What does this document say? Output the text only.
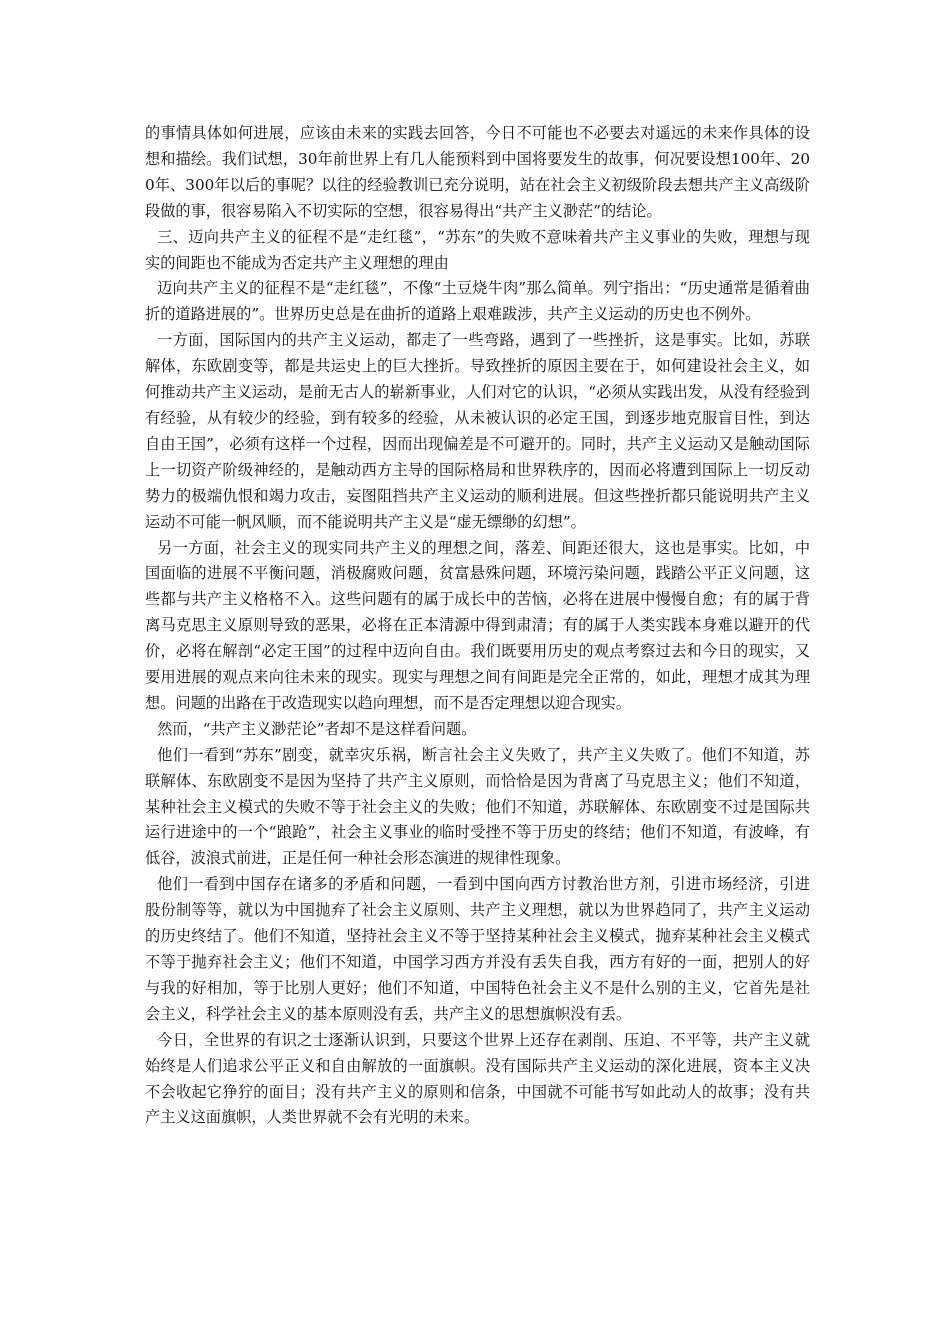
的事情具体如何进展，应该由未来的实践去回答，今日不可能也不必要去对遥远的未来作具体的设想和描绘。我们试想，30年前世界上有几人能预料到中国将要发生的故事，何况要设想100年、200年、300年以后的事呢？以往的经验教训已充分说明，站在社会主义初级阶段去想共产主义高级阶段做的事，很容易陷入不切实际的空想，很容易得出“共产主义渺茫”的结论。

三、迈向共产主义的征程不是“走红毯”，“苏东”的失败不意味着共产主义事业的失败，理想与现实的间距也不能成为否定共产主义理想的理由

迈向共产主义的征程不是“走红毯”，不像“土豆烧牛肉”那么简单。列宁指出：“历史通常是循着曲折的道路进展的”。世界历史总是在曲折的道路上艰难跋涉，共产主义运动的历史也不例外。

一方面，国际国内的共产主义运动，都走了一些弯路，遇到了一些挫折，这是事实。比如，苏联解体，东欧剧变等，都是共运史上的巨大挫折。导致挫折的原因主要在于，如何建设社会主义，如何推动共产主义运动，是前无古人的崭新事业，人们对它的认识，“必须从实践出发，从没有经验到有经验，从有较少的经验，到有较多的经验，从未被认识的必定王国，到逐步地克服盲目性，到达自由王国”，必须有这样一个过程，因而出现偏差是不可避开的。同时，共产主义运动又是触动国际上一切资产阶级神经的，是触动西方主导的国际格局和世界秩序的，因而必将遭到国际上一切反动势力的极端仇恨和竭力攻击，妄图阻挡共产主义运动的顺利进展。但这些挫折都只能说明共产主义运动不可能一帆风顺，而不能说明共产主义是“虚无缥缈的幻想”。

另一方面，社会主义的现实同共产主义的理想之间，落差、间距还很大，这也是事实。比如，中国面临的进展不平衡问题，消极腐败问题，贫富悬殊问题，环境污染问题，践踏公平正义问题，这些都与共产主义格格不入。这些问题有的属于成长中的苦恼，必将在进展中慢慢自愈；有的属于背离马克思主义原则导致的恶果，必将在正本清源中得到肃清；有的属于人类实践本身难以避开的代价，必将在解剖“必定王国”的过程中迈向自由。我们既要用历史的观点考察过去和今日的现实，又要用进展的观点来向往未来的现实。现实与理想之间有间距是完全正常的，如此，理想才成其为理想。问题的出路在于改造现实以趋向理想，而不是否定理想以迎合现实。

然而，“共产主义渺茫论”者却不是这样看问题。

他们一看到“苏东”剧变，就幸灾乐祸，断言社会主义失败了，共产主义失败了。他们不知道，苏联解体、东欧剧变不是因为坚持了共产主义原则，而恰恰是因为背离了马克思主义；他们不知道，某种社会主义模式的失败不等于社会主义的失败；他们不知道，苏联解体、东欧剧变不过是国际共运行进途中的一个“踉跄”，社会主义事业的临时受挫不等于历史的终结；他们不知道，有波峰，有低谷，波浪式前进，正是任何一种社会形态演进的规律性现象。

他们一看到中国存在诸多的矛盾和问题，一看到中国向西方讨教治世方剂，引进市场经济，引进股份制等等，就以为中国抛弃了社会主义原则、共产主义理想，就以为世界趋同了，共产主义运动的历史终结了。他们不知道，坚持社会主义不等于坚持某种社会主义模式，抛弃某种社会主义模式不等于抛弃社会主义；他们不知道，中国学习西方并没有丢失自我，西方有好的一面，把别人的好与我的好相加，等于比别人更好；他们不知道，中国特色社会主义不是什么别的主义，它首先是社会主义，科学社会主义的基本原则没有丢，共产主义的思想旗帜没有丢。

今日，全世界的有识之士逐渐认识到，只要这个世界上还存在剥削、压迫、不平等，共产主义就始终是人们追求公平正义和自由解放的一面旗帜。没有国际共产主义运动的深化进展，资本主义决不会收起它狰狞的面目；没有共产主义的原则和信条，中国就不可能书写如此动人的故事；没有共产主义这面旗帜，人类世界就不会有光明的未来。
